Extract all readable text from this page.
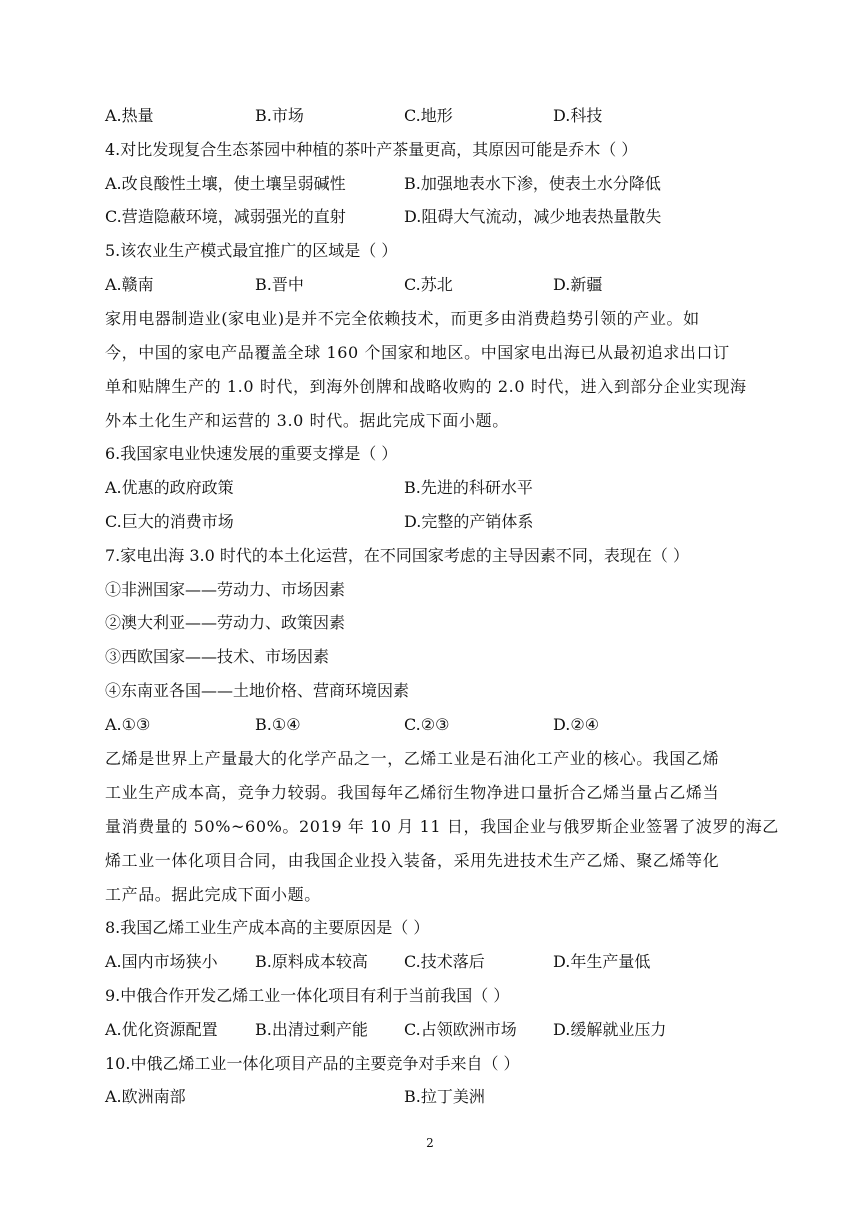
A.热量	B.市场	C.地形	D.科技
4.对比发现复合生态茶园中种植的茶叶产茶量更高，其原因可能是乔木（ ）
A.改良酸性土壤，使土壤呈弱碱性	B.加强地表水下渗，使表土水分降低
C.营造隐蔽环境，减弱强光的直射	D.阻碍大气流动，减少地表热量散失
5.该农业生产模式最宜推广的区域是（ ）
A.赣南	B.晋中	C.苏北	D.新疆
家用电器制造业(家电业)是并不完全依赖技术，而更多由消费趋势引领的产业。如
今，中国的家电产品覆盖全球 160 个国家和地区。中国家电出海已从最初追求出口订
单和贴牌生产的 1.0 时代，到海外创牌和战略收购的 2.0 时代，进入到部分企业实现海
外本土化生产和运营的 3.0 时代。据此完成下面小题。
6.我国家电业快速发展的重要支撑是（ ）
A.优惠的政府政策	B.先进的科研水平
C.巨大的消费市场	D.完整的产销体系
7.家电出海 3.0 时代的本土化运营，在不同国家考虑的主导因素不同，表现在（ ）
①非洲国家——劳动力、市场因素
②澳大利亚——劳动力、政策因素
③西欧国家——技术、市场因素
④东南亚各国——土地价格、营商环境因素
A.①③	B.①④	C.②③	D.②④
乙烯是世界上产量最大的化学产品之一，乙烯工业是石油化工产业的核心。我国乙烯
工业生产成本高，竞争力较弱。我国每年乙烯衍生物净进口量折合乙烯当量占乙烯当
量消费量的 50%~60%。2019 年 10 月 11 日，我国企业与俄罗斯企业签署了波罗的海乙
烯工业一体化项目合同，由我国企业投入装备，采用先进技术生产乙烯、聚乙烯等化
工产品。据此完成下面小题。
8.我国乙烯工业生产成本高的主要原因是（ ）
A.国内市场狭小 B.原料成本较高 C.技术落后	D.年生产量低
9.中俄合作开发乙烯工业一体化项目有利于当前我国（ ）
A.优化资源配置 B.出清过剩产能 C.占领欧洲市场 D.缓解就业压力
10.中俄乙烯工业一体化项目产品的主要竞争对手来自（ ）
A.欧洲南部	B.拉丁美洲
2
